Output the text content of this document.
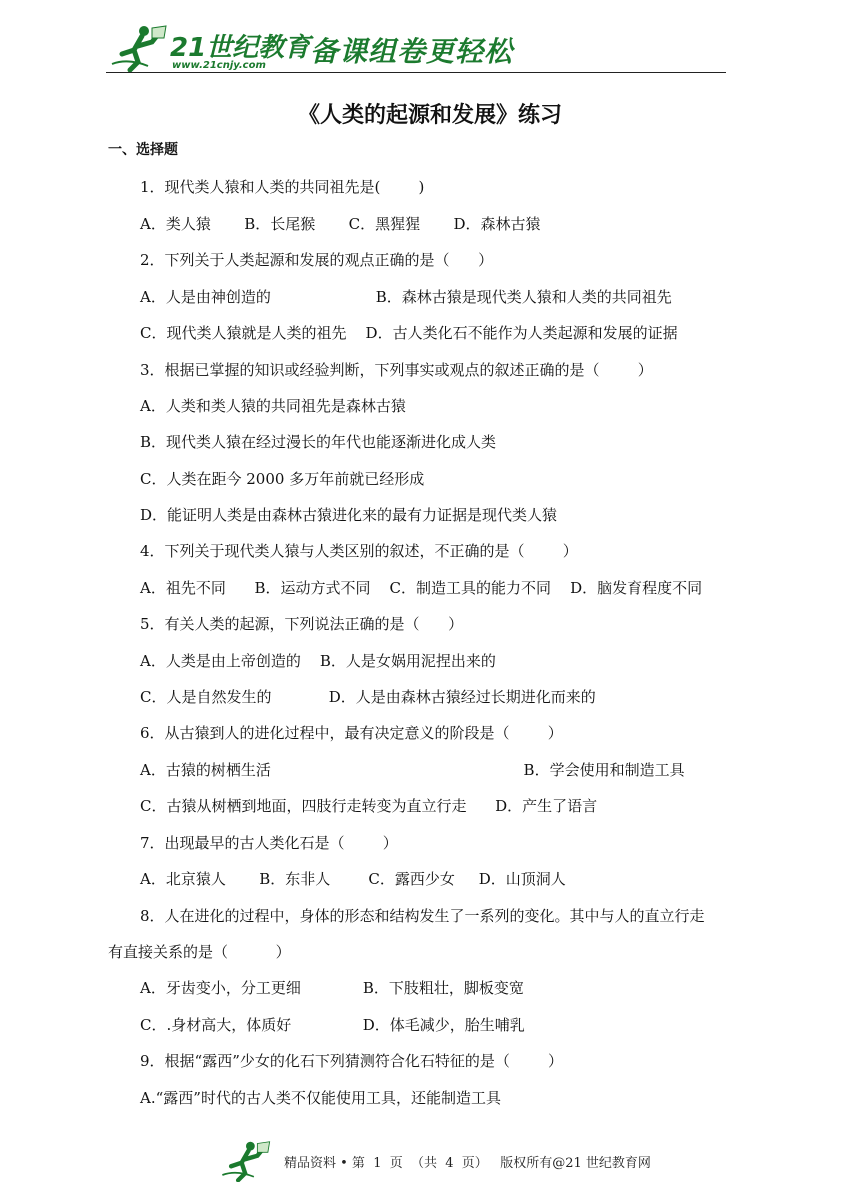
21世纪教育
www.21cnjy.com 备课组卷更轻松
《人类的起源和发展》练习
一、选择题
1．现代类人猿和人类的共同祖先是(        )
A．类人猿       B．长尾猴       C．黑猩猩       D．森林古猿
2．下列关于人类起源和发展的观点正确的是（      ）
A．人是由神创造的                      B．森林古猿是现代类人猿和人类的共同祖先
C．现代类人猿就是人类的祖先    D．古人类化石不能作为人类起源和发展的证据
3．根据已掌握的知识或经验判断，下列事实或观点的叙述正确的是（        ）
A．人类和类人猿的共同祖先是森林古猿
B．现代类人猿在经过漫长的年代也能逐渐进化成人类
C．人类在距今 2000 多万年前就已经形成
D．能证明人类是由森林古猿进化来的最有力证据是现代类人猿
4．下列关于现代类人猿与人类区别的叙述，不正确的是（        ）
A．祖先不同      B．运动方式不同    C．制造工具的能力不同    D．脑发育程度不同
5．有关人类的起源，下列说法正确的是（      ）
A．人类是由上帝创造的    B．人是女娲用泥捏出来的
C．人是自然发生的            D．人是由森林古猿经过长期进化而来的
6．从古猿到人的进化过程中，最有决定意义的阶段是（        ）
A．古猿的树栖生活                                                     B．学会使用和制造工具
C．古猿从树栖到地面，四肢行走转变为直立行走      D．产生了语言
7．出现最早的古人类化石是（        ）
A．北京猿人       B．东非人        C．露西少女     D．山顶洞人
8．人在进化的过程中，身体的形态和结构发生了一系列的变化。其中与人的直立行走
有直接关系的是（          ）
A．牙齿变小，分工更细             B．下肢粗壮，脚板变宽
C．.身材高大，体质好               D．体毛减少，胎生哺乳
9．根据“露西”少女的化石下列猜测符合化石特征的是（        ）
A.“露西”时代的古人类不仅能使用工具，还能制造工具
精品资料 • 第  1  页  （共  4  页）   版权所有@21 世纪教育网
